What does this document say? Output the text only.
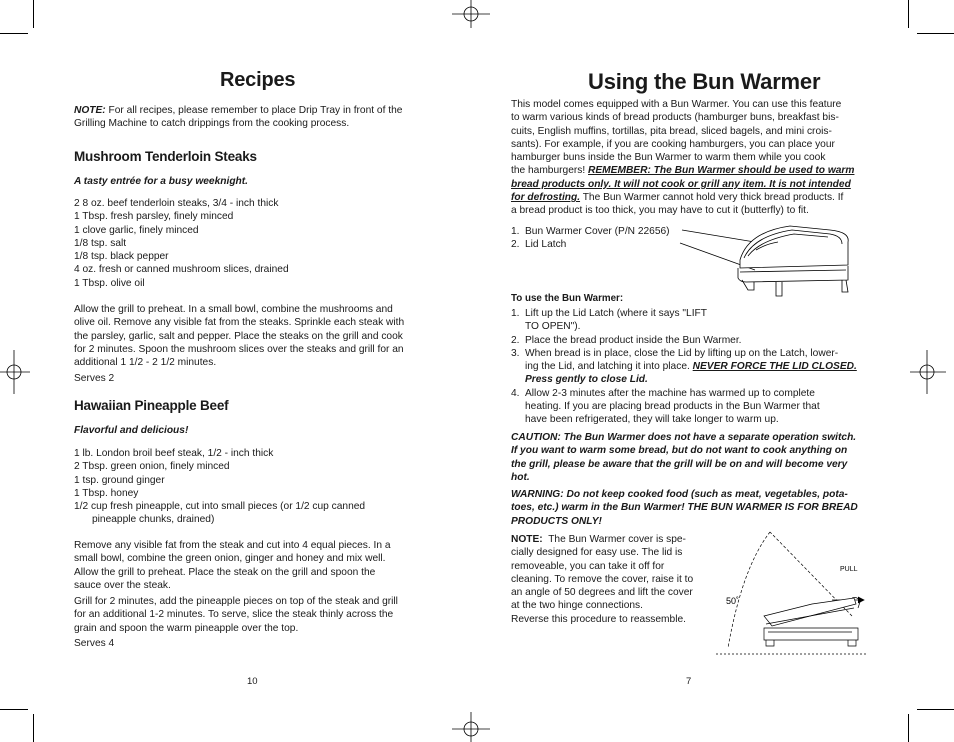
Recipes
NOTE: For all recipes, please remember to place Drip Tray in front of the
Grilling Machine to catch drippings from the cooking process.
Mushroom Tenderloin Steaks
A tasty entrée for a busy weeknight.
2 8 oz. beef tenderloin steaks, 3/4 - inch thick
1 Tbsp. fresh parsley, finely minced
1 clove garlic, finely minced
1/8 tsp. salt
1/8 tsp. black pepper
4 oz. fresh or canned mushroom slices, drained
1 Tbsp. olive oil
Allow the grill to preheat. In a small bowl, combine the mushrooms and
olive oil. Remove any visible fat from the steaks. Sprinkle each steak with
the parsley, garlic, salt and pepper. Place the steaks on the grill and cook
for 2 minutes. Spoon the mushroom slices over the steaks and grill for an
additional 1 1/2 - 2 1/2 minutes.
Serves 2
Hawaiian Pineapple Beef
Flavorful and delicious!
1 lb. London broil beef steak, 1/2 - inch thick
2 Tbsp. green onion, finely minced
1 tsp. ground ginger
1 Tbsp. honey
1/2 cup fresh pineapple, cut into small pieces (or 1/2 cup canned
pineapple chunks, drained)
Remove any visible fat from the steak and cut into 4 equal pieces. In a
small bowl, combine the green onion, ginger and honey and mix well.
Allow the grill to preheat. Place the steak on the grill and spoon the
sauce over the steak.
Grill for 2 minutes, add the pineapple pieces on top of the steak and grill
for an additional 1-2 minutes. To serve, slice the steak thinly across the
grain and spoon the warm pineapple over the top.
Serves 4
10
Using the Bun Warmer
This model comes equipped with a Bun Warmer. You can use this feature
to warm various kinds of bread products (hamburger buns, breakfast bis-
cuits, English muffins, tortillas, pita bread, sliced bagels, and mini crois-
sants). For example, if you are cooking hamburgers, you can place your
hamburger buns inside the Bun Warmer to warm them while you cook
the hamburgers! REMEMBER: The Bun Warmer should be used to warm
bread products only. It will not cook or grill any item. It is not intended
for defrosting. The Bun Warmer cannot hold very thick bread products. If
a bread product is too thick, you may have to cut it (butterfly) to fit.
1. Bun Warmer Cover (P/N 22656)
2. Lid Latch
To use the Bun Warmer:
1. Lift up the Lid Latch (where it says "LIFT
TO OPEN").
2. Place the bread product inside the Bun Warmer.
3. When bread is in place, close the Lid by lifting up on the Latch, lower-
ing the Lid, and latching it into place. NEVER FORCE THE LID CLOSED.
Press gently to close Lid.
4. Allow 2-3 minutes after the machine has warmed up to complete
heating. If you are placing bread products in the Bun Warmer that
have been refrigerated, they will take longer to warm up.
CAUTION: The Bun Warmer does not have a separate operation switch.
If you want to warm some bread, but do not want to cook anything on
the grill, please be aware that the grill will be on and will become very
hot.
WARNING: Do not keep cooked food (such as meat, vegetables, pota-
toes, etc.) warm in the Bun Warmer! THE BUN WARMER IS FOR BREAD
PRODUCTS ONLY!
NOTE: The Bun Warmer cover is spe-
cially designed for easy use. The lid is
removeable, you can take it off for
cleaning. To remove the cover, raise it to
an angle of 50 degrees and lift the cover
at the two hinge connections.
Reverse this procedure to reassemble.
PULL
50˚
7
